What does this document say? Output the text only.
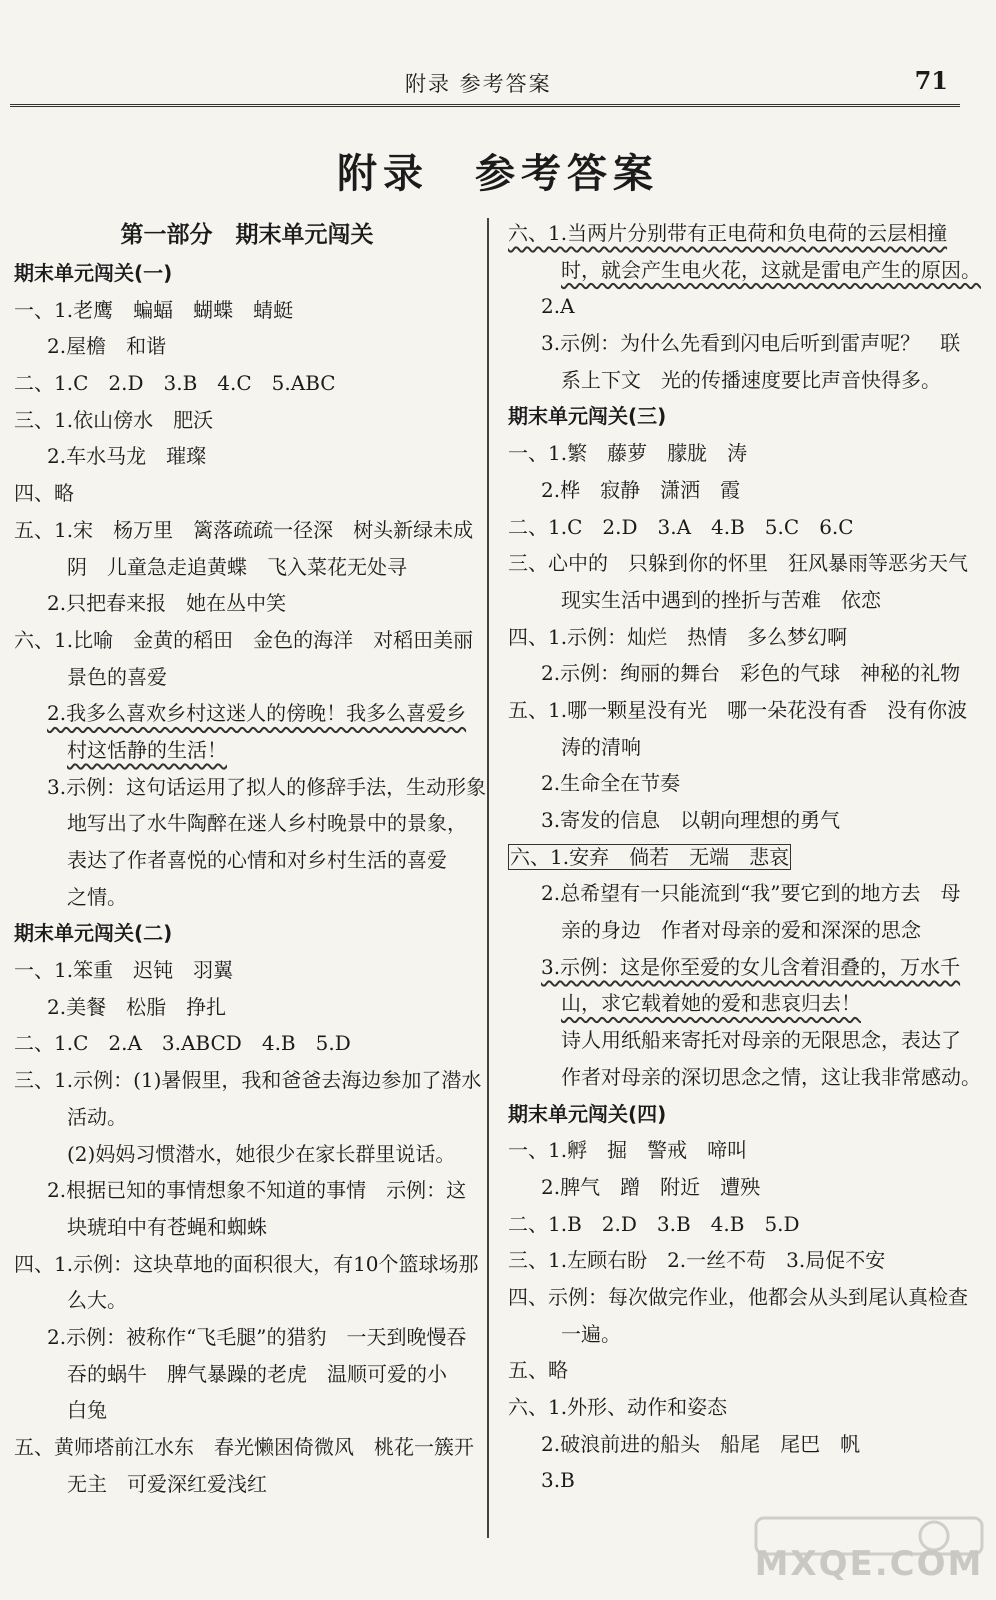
附录 参考答案	71
附录　参考答案
第一部分　期末单元闯关
期末单元闯关(一)
一、1.老鹰　蝙蝠　蝴蝶　蜻蜓
2.屋檐　和谐
二、1.C　2.D　3.B　4.C　5.ABC
三、1.依山傍水　肥沃
2.车水马龙　璀璨
四、略
五、1.宋　杨万里　篱落疏疏一径深　树头新绿未成
阴　儿童急走追黄蝶　飞入菜花无处寻
2.只把春来报　她在丛中笑
六、1.比喻　金黄的稻田　金色的海洋　对稻田美丽
景色的喜爱
2.我多么喜欢乡村这迷人的傍晚！我多么喜爱乡
村这恬静的生活！
3.示例：这句话运用了拟人的修辞手法，生动形象
地写出了水牛陶醉在迷人乡村晚景中的景象，
表达了作者喜悦的心情和对乡村生活的喜爱
之情。
期末单元闯关(二)
一、1.笨重　迟钝　羽翼
2.美餐　松脂　挣扎
二、1.C　2.A　3.ABCD　4.B　5.D
三、1.示例：(1)暑假里，我和爸爸去海边参加了潜水
活动。
(2)妈妈习惯潜水，她很少在家长群里说话。
2.根据已知的事情想象不知道的事情　示例：这
块琥珀中有苍蝇和蜘蛛
四、1.示例：这块草地的面积很大，有10个篮球场那
么大。
2.示例：被称作“飞毛腿”的猎豹　一天到晚慢吞
吞的蜗牛　脾气暴躁的老虎　温顺可爱的小
白兔
五、黄师塔前江水东　春光懒困倚微风　桃花一簇开
无主　可爱深红爱浅红
六、1.当两片分别带有正电荷和负电荷的云层相撞
时，就会产生电火花，这就是雷电产生的原因。
2.A
3.示例：为什么先看到闪电后听到雷声呢？　联
系上下文　光的传播速度要比声音快得多。
期末单元闯关(三)
一、1.繁　藤萝　朦胧　涛
2.桦　寂静　潇洒　霞
二、1.C　2.D　3.A　4.B　5.C　6.C
三、心中的　只躲到你的怀里　狂风暴雨等恶劣天气
现实生活中遇到的挫折与苦难　依恋
四、1.示例：灿烂　热情　多么梦幻啊
2.示例：绚丽的舞台　彩色的气球　神秘的礼物
五、1.哪一颗星没有光　哪一朵花没有香　没有你波
涛的清响
2.生命全在节奏
3.寄发的信息　以朝向理想的勇气
六、1.安弃　倘若　无端　悲哀
2.总希望有一只能流到“我”要它到的地方去　母
亲的身边　作者对母亲的爱和深深的思念
3.示例：这是你至爱的女儿含着泪叠的，万水千
山，求它载着她的爱和悲哀归去！
诗人用纸船来寄托对母亲的无限思念，表达了
作者对母亲的深切思念之情，这让我非常感动。
期末单元闯关(四)
一、1.孵　掘　警戒　啼叫
2.脾气　蹭　附近　遭殃
二、1.B　2.D　3.B　4.B　5.D
三、1.左顾右盼　2.一丝不苟　3.局促不安
四、示例：每次做完作业，他都会从头到尾认真检查
一遍。
五、略
六、1.外形、动作和姿态
2.破浪前进的船头　船尾　尾巴　帆
3.B
MXQE.COM
